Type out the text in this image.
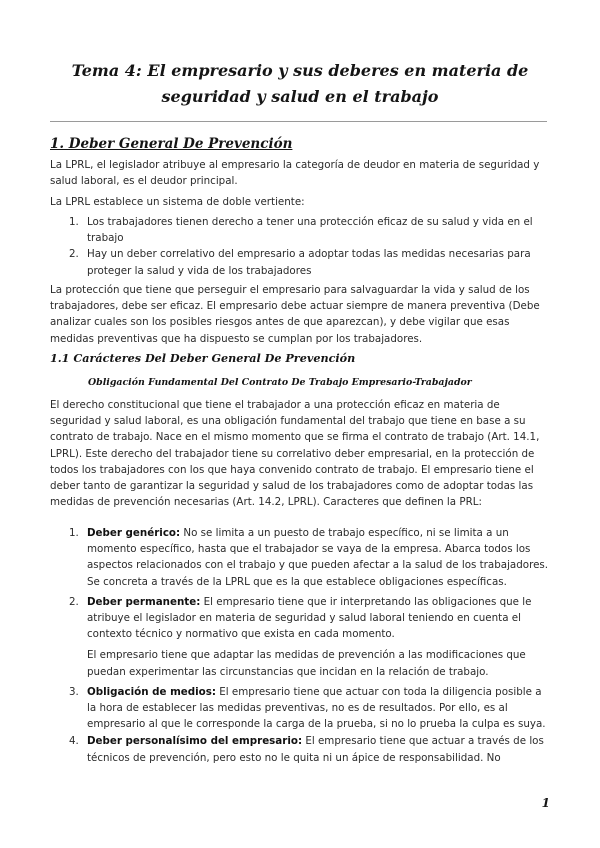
Tema 4: El empresario y sus deberes en materia de seguridad y salud en el trabajo
1. Deber General De Prevención

La LPRL, el legislador atribuye al empresario la categoría de deudor en materia de seguridad y salud laboral, es el deudor principal.

La LPRL establece un sistema de doble vertiente:

1. Los trabajadores tienen derecho a tener una protección eficaz de su salud y vida en el trabajo
2. Hay un deber correlativo del empresario a adoptar todas las medidas necesarias para proteger la salud y vida de los trabajadores

La protección que tiene que perseguir el empresario para salvaguardar la vida y salud de los trabajadores, debe ser eficaz. El empresario debe actuar siempre de manera preventiva (Debe analizar cuales son los posibles riesgos antes de que aparezcan), y debe vigilar que esas medidas preventivas que ha dispuesto se cumplan por los trabajadores.

1.1 Carácteres Del Deber General De Prevención
Obligación Fundamental Del Contrato De Trabajo Empresario-Trabajador

El derecho constitucional que tiene el trabajador a una protección eficaz en materia de seguridad y salud laboral, es una obligación fundamental del trabajo que tiene en base a su contrato de trabajo. Nace en el mismo momento que se firma el contrato de trabajo (Art. 14.1, LPRL). Este derecho del trabajador tiene su correlativo deber empresarial, en la protección de todos los trabajadores con los que haya convenido contrato de trabajo. El empresario tiene el deber tanto de garantizar la seguridad y salud de los trabajadores como de adoptar todas las medidas de prevención necesarias (Art. 14.2, LPRL). Caracteres que definen la PRL:

1. Deber genérico: No se limita a un puesto de trabajo específico, ni se limita a un momento específico, hasta que el trabajador se vaya de la empresa. Abarca todos los aspectos relacionados con el trabajo y que pueden afectar a la salud de los trabajadores. Se concreta a través de la LPRL que es la que establece obligaciones específicas.
2. Deber permanente: El empresario tiene que ir interpretando las obligaciones que le atribuye el legislador en materia de seguridad y salud laboral teniendo en cuenta el contexto técnico y normativo que exista en cada momento.

El empresario tiene que adaptar las medidas de prevención a las modificaciones que puedan experimentar las circunstancias que incidan en la relación de trabajo.

3. Obligación de medios: El empresario tiene que actuar con toda la diligencia posible a la hora de establecer las medidas preventivas, no es de resultados. Por ello, es al empresario al que le corresponde la carga de la prueba, si no lo prueba la culpa es suya.
4. Deber personalísimo del empresario: El empresario tiene que actuar a través de los técnicos de prevención, pero esto no le quita ni un ápice de responsabilidad. No
1
